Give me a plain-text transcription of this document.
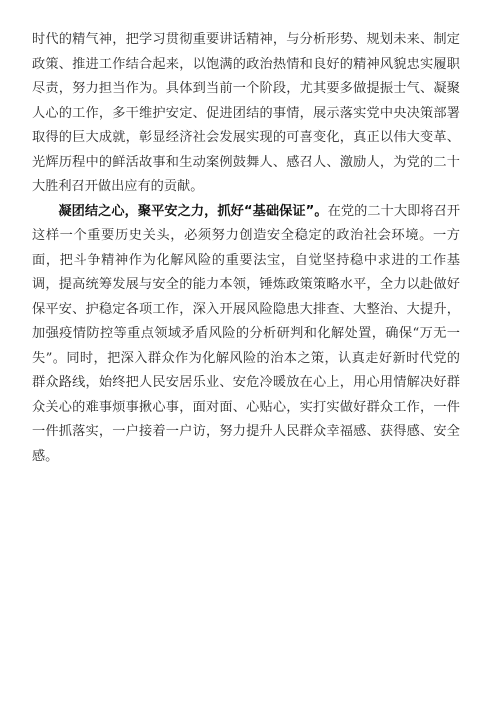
时代的精气神，把学习贯彻重要讲话精神，与分析形势、规划未来、制定政策、推进工作结合起来，以饱满的政治热情和良好的精神风貌忠实履职尽责，努力担当作为。具体到当前一个阶段，尤其要多做提振士气、凝聚人心的工作，多干维护安定、促进团结的事情，展示落实党中央决策部署取得的巨大成就，彰显经济社会发展实现的可喜变化，真正以伟大变革、光辉历程中的鲜活故事和生动案例鼓舞人、感召人、激励人，为党的二十大胜利召开做出应有的贡献。

凝团结之心，聚平安之力，抓好“基础保证”。在党的二十大即将召开这样一个重要历史关头，必须努力创造安全稳定的政治社会环境。一方面，把斗争精神作为化解风险的重要法宝，自觉坚持稳中求进的工作基调，提高统筹发展与安全的能力本领，锤炼政策策略水平，全力以赴做好保平安、护稳定各项工作，深入开展风险隐患大排查、大整治、大提升，加强疫情防控等重点领域矛盾风险的分析研判和化解处置，确保“万无一失”。同时，把深入群众作为化解风险的治本之策，认真走好新时代党的群众路线，始终把人民安居乐业、安危冷暖放在心上，用心用情解决好群众关心的难事烦事揪心事，面对面、心贴心，实打实做好群众工作，一件一件抓落实，一户接着一户访，努力提升人民群众幸福感、获得感、安全感。
